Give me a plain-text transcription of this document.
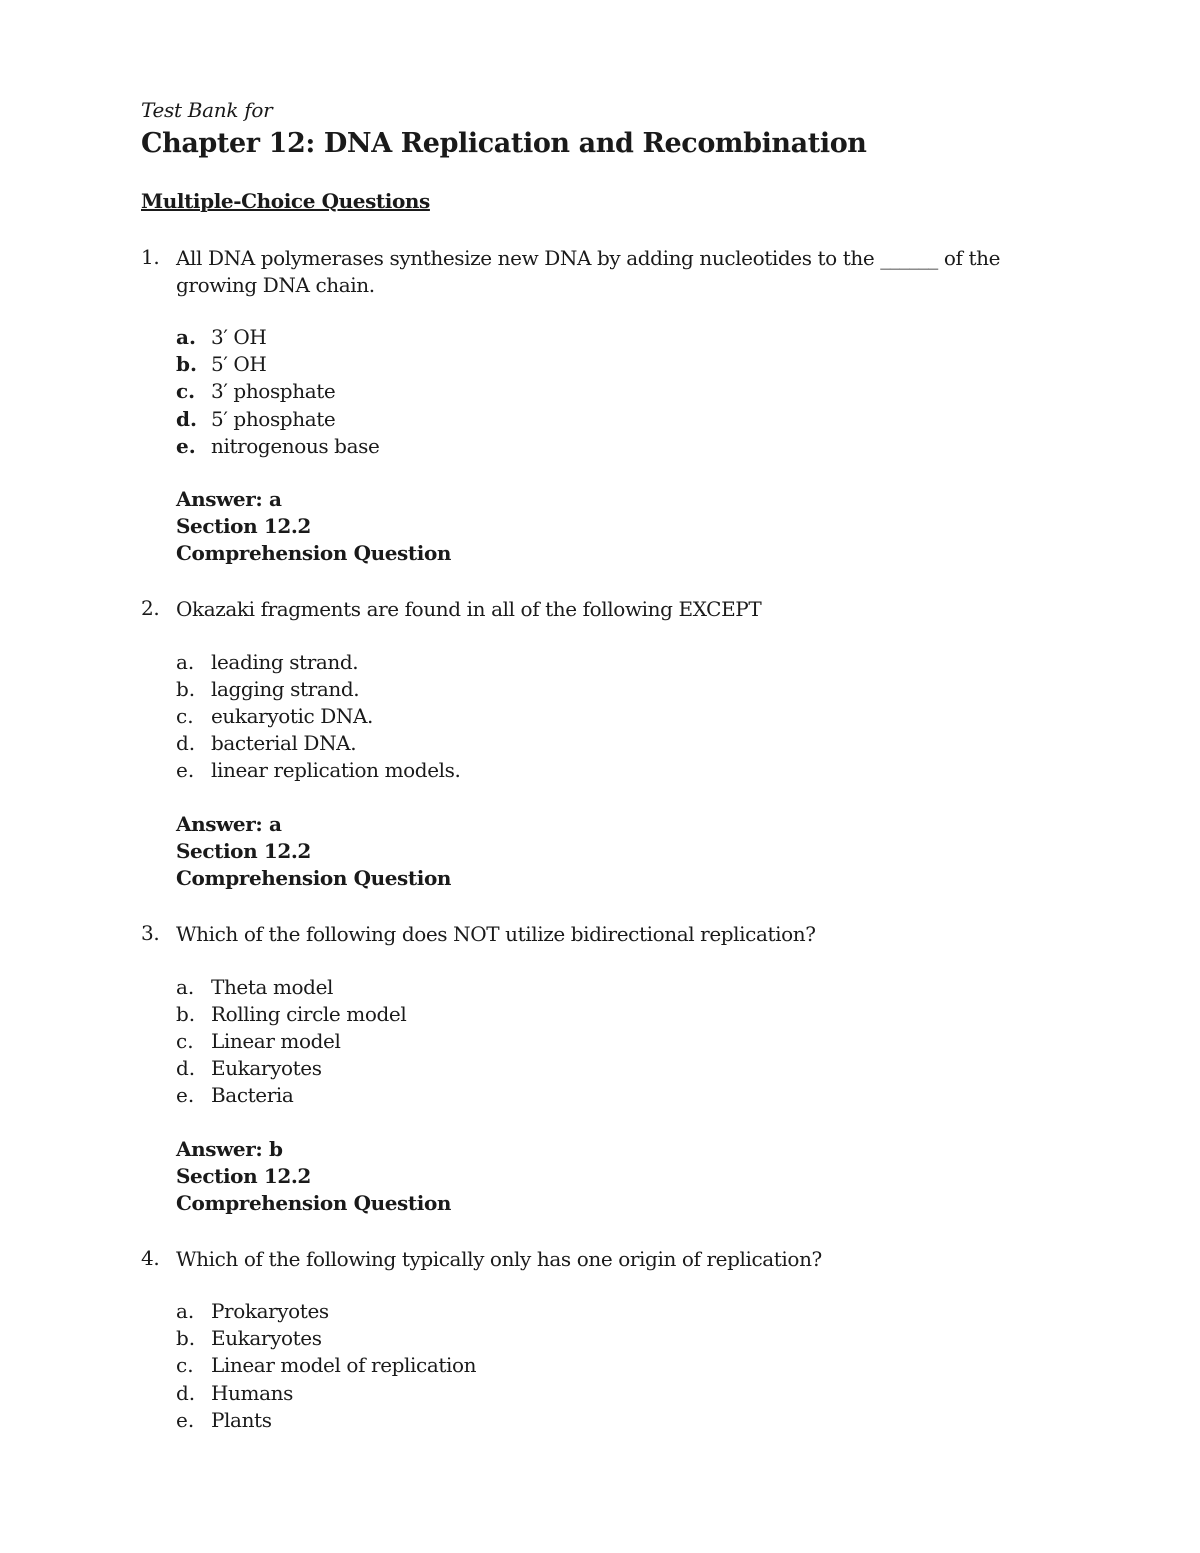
Test Bank for
Chapter 12: DNA Replication and Recombination
Multiple-Choice Questions
1. All DNA polymerases synthesize new DNA by adding nucleotides to the ______ of the growing DNA chain.
a. 3′ OH
b. 5′ OH
c. 3′ phosphate
d. 5′ phosphate
e. nitrogenous base
Answer: a
Section 12.2
Comprehension Question
2. Okazaki fragments are found in all of the following EXCEPT
a. leading strand.
b. lagging strand.
c. eukaryotic DNA.
d. bacterial DNA.
e. linear replication models.
Answer: a
Section 12.2
Comprehension Question
3. Which of the following does NOT utilize bidirectional replication?
a. Theta model
b. Rolling circle model
c. Linear model
d. Eukaryotes
e. Bacteria
Answer: b
Section 12.2
Comprehension Question
4. Which of the following typically only has one origin of replication?
a. Prokaryotes
b. Eukaryotes
c. Linear model of replication
d. Humans
e. Plants
